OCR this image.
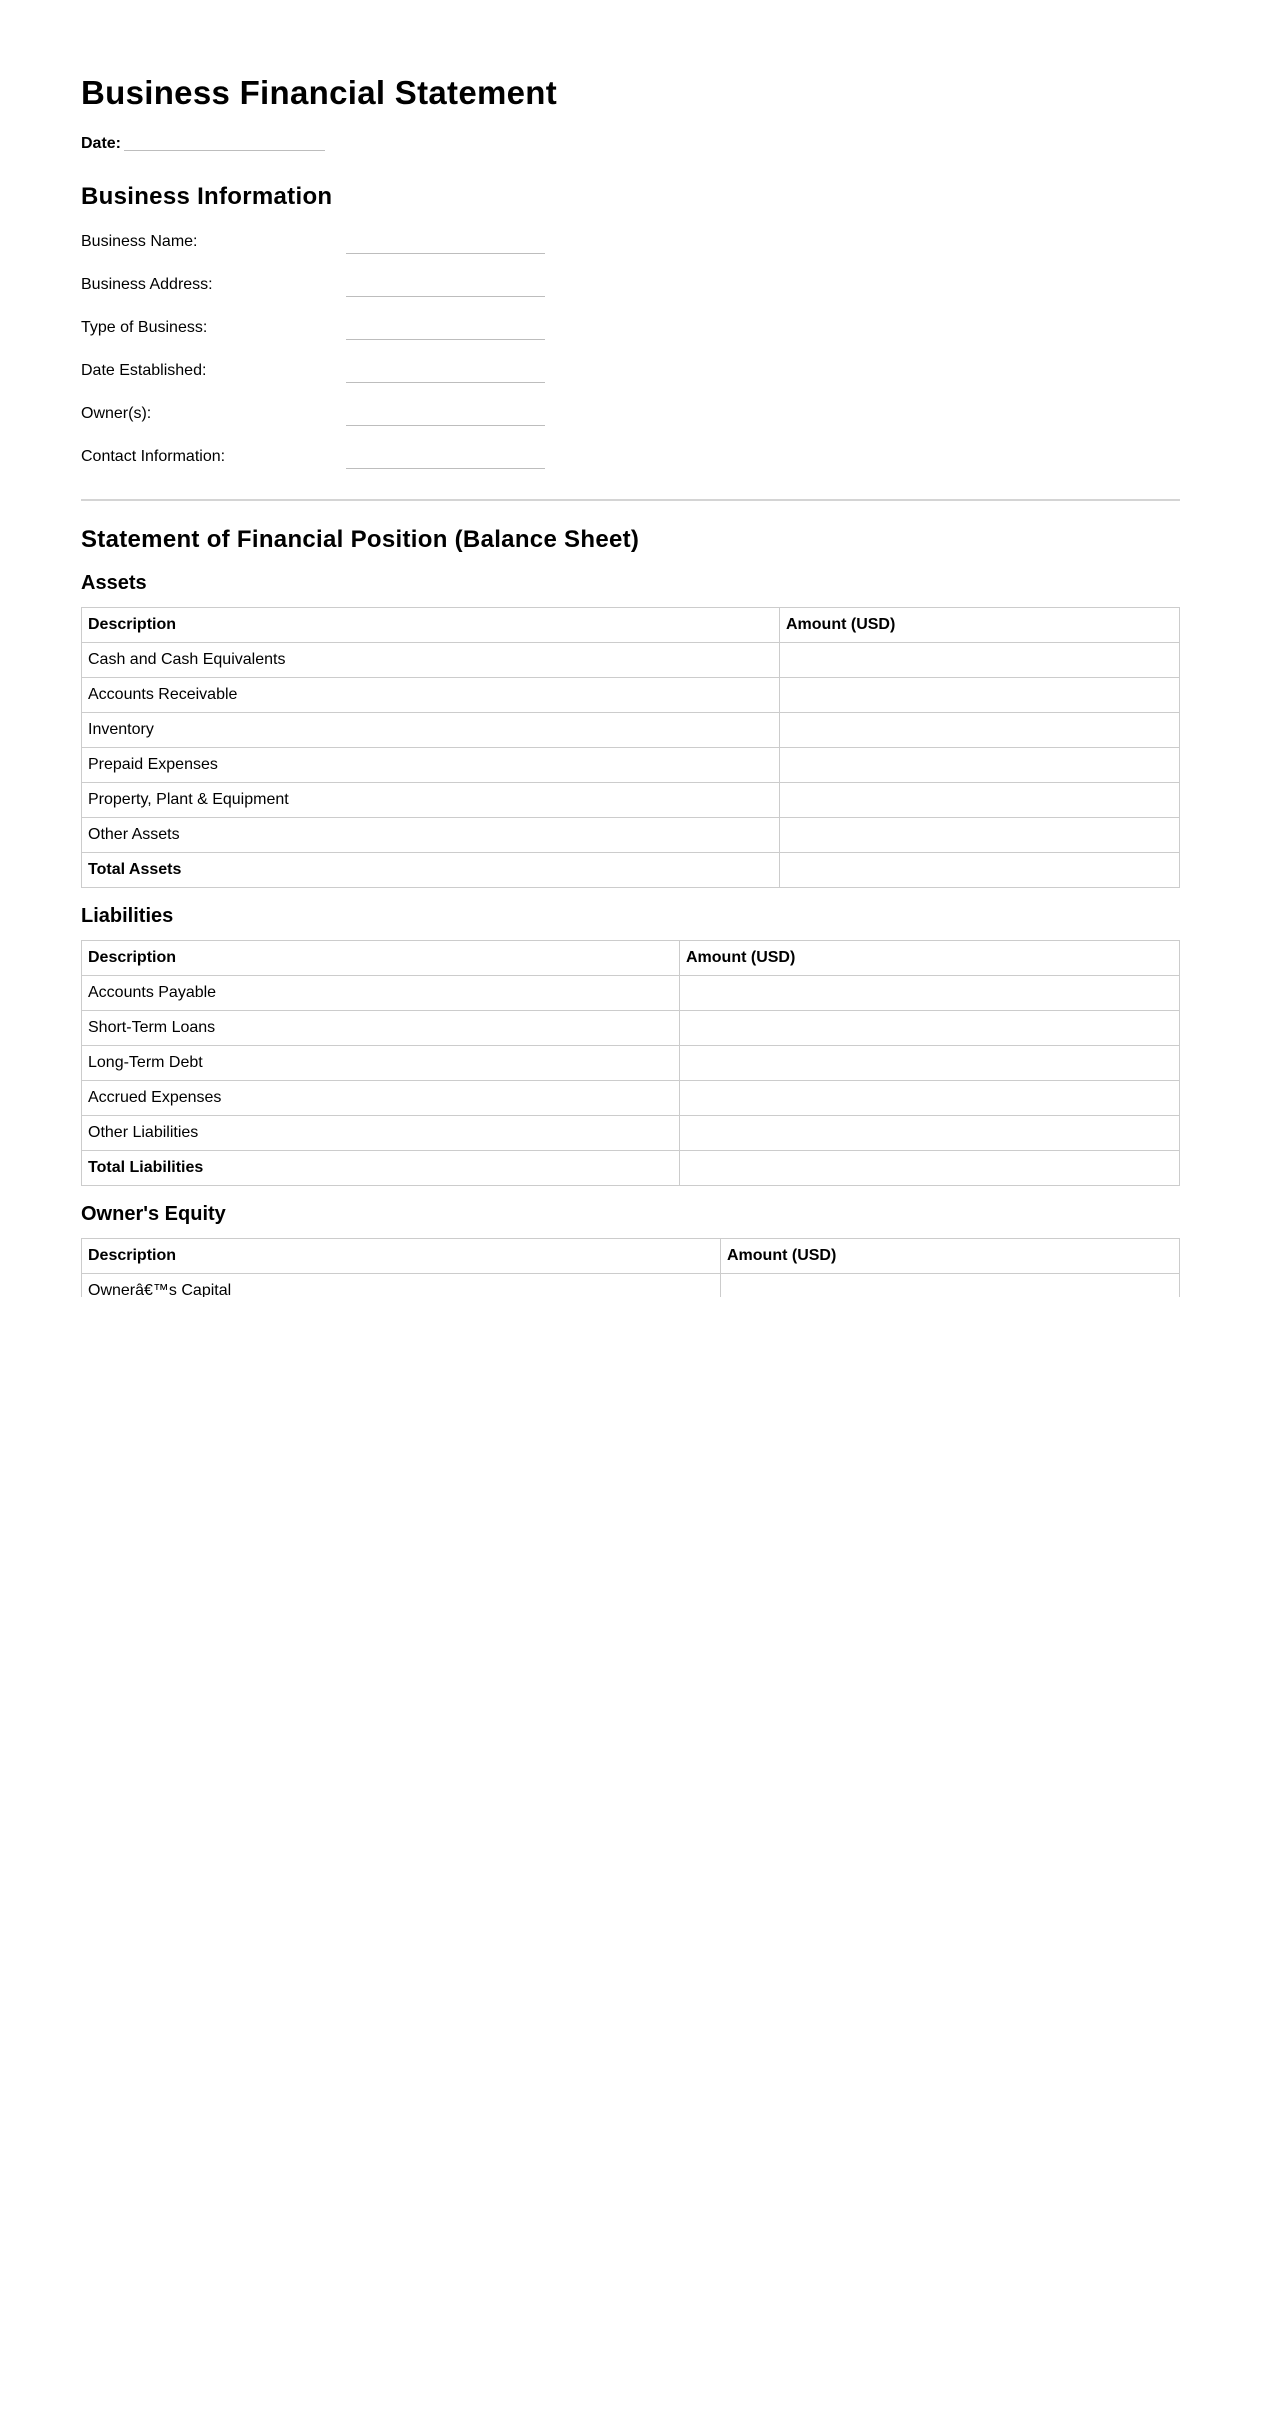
Business Financial Statement
Date:
Business Information
Business Name:
Business Address:
Type of Business:
Date Established:
Owner(s):
Contact Information:
Statement of Financial Position (Balance Sheet)
Assets
Description	Amount (USD)
Cash and Cash Equivalents	
Accounts Receivable	
Inventory	
Prepaid Expenses	
Property, Plant & Equipment	
Other Assets	
Total Assets	
Liabilities
Description	Amount (USD)
Accounts Payable	
Short-Term Loans	
Long-Term Debt	
Accrued Expenses	
Other Liabilities	
Total Liabilities	
Owner's Equity
Description	Amount (USD)
Ownerâ€™s Capital	
